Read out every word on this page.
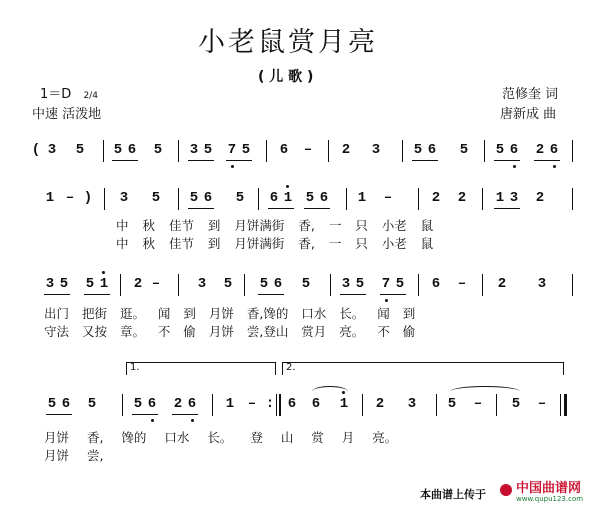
小老鼠赏月亮
( 儿 歌 )
1＝D 2/4
中速 活泼地
范修奎 词
唐新成 曲
( 3 5 5 6 5 3 5 7 5 6 – 2 3 5 6 5 5 6 2 6
1 – ) 3 5 5 6 5 6 1 5 6 1 –	2 2 1 3 2
中 秋 佳节 到 月饼满街 香, 一 只 小老 鼠
中 秋 佳节 到 月饼满街 香, 一 只 小老 鼠
3 5 5 1 2 –	3 5 5 6 5 3 5 7 5 6 – 2 3
出门 把街 逛。 闻 到 月饼 香,馋的 口水 长。 闻 到
守法 又按 章。 不 偷 月饼 尝,登山 赏月 亮。 不 偷
1.	2.
5 6 5	5 6 2 6 1 – : 6 6 1 2 3 5 – 5 –
月饼 香, 馋的 口水 长。 登 山 赏 月 亮。
月饼 尝,
本曲谱上传于 中国曲谱网
www.qupu123.com
